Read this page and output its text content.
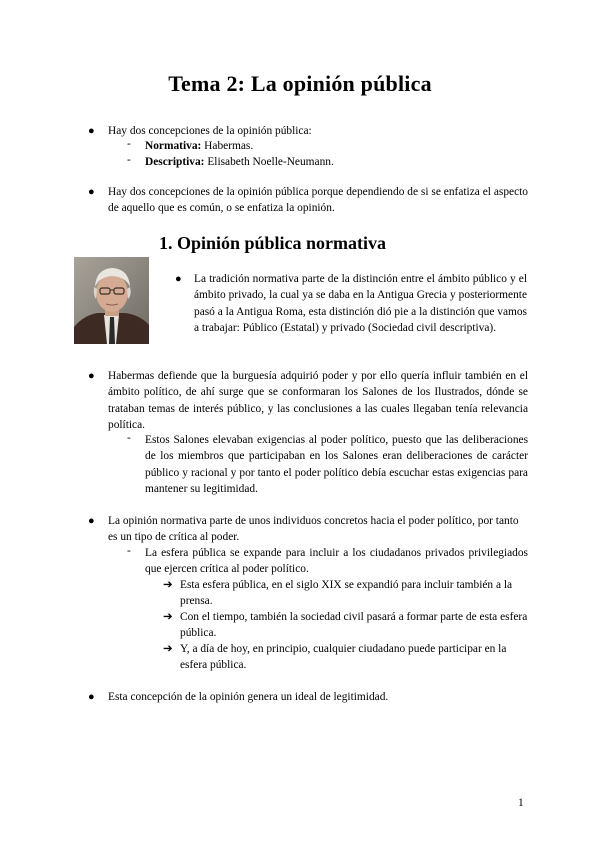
Tema 2: La opinión pública
● Hay dos concepciones de la opinión pública:
- Normativa: Habermas.
- Descriptiva: Elisabeth Noelle-Neumann.
● Hay dos concepciones de la opinión pública porque dependiendo de si se enfatiza el aspecto de aquello que es común, o se enfatiza la opinión.
1. Opinión pública normativa
● La tradición normativa parte de la distinción entre el ámbito público y el ámbito privado, la cual ya se daba en la Antigua Grecia y posteriormente pasó a la Antigua Roma, esta distinción dió pie a la distinción que vamos a trabajar: Público (Estatal) y privado (Sociedad civil descriptiva).
● Habermas defiende que la burguesía adquirió poder y por ello quería influir también en el ámbito político, de ahí surge que se conformaran los Salones de los Ilustrados, dónde se trataban temas de interés público, y las conclusiones a las cuales llegaban tenía relevancia política.
- Estos Salones elevaban exigencias al poder político, puesto que las deliberaciones de los miembros que participaban en los Salones eran deliberaciones de carácter público y racional y por tanto el poder político debía escuchar estas exigencias para mantener su legitimidad.
● La opinión normativa parte de unos individuos concretos hacia el poder político, por tanto es un tipo de crítica al poder.
- La esfera pública se expande para incluir a los ciudadanos privados privilegiados que ejercen crítica al poder político.
➔ Esta esfera pública, en el siglo XIX se expandió para incluir también a la prensa.
➔ Con el tiempo, también la sociedad civil pasará a formar parte de esta esfera pública.
➔ Y, a día de hoy, en principio, cualquier ciudadano puede participar en la esfera pública.
● Esta concepción de la opinión genera un ideal de legitimidad.
1
